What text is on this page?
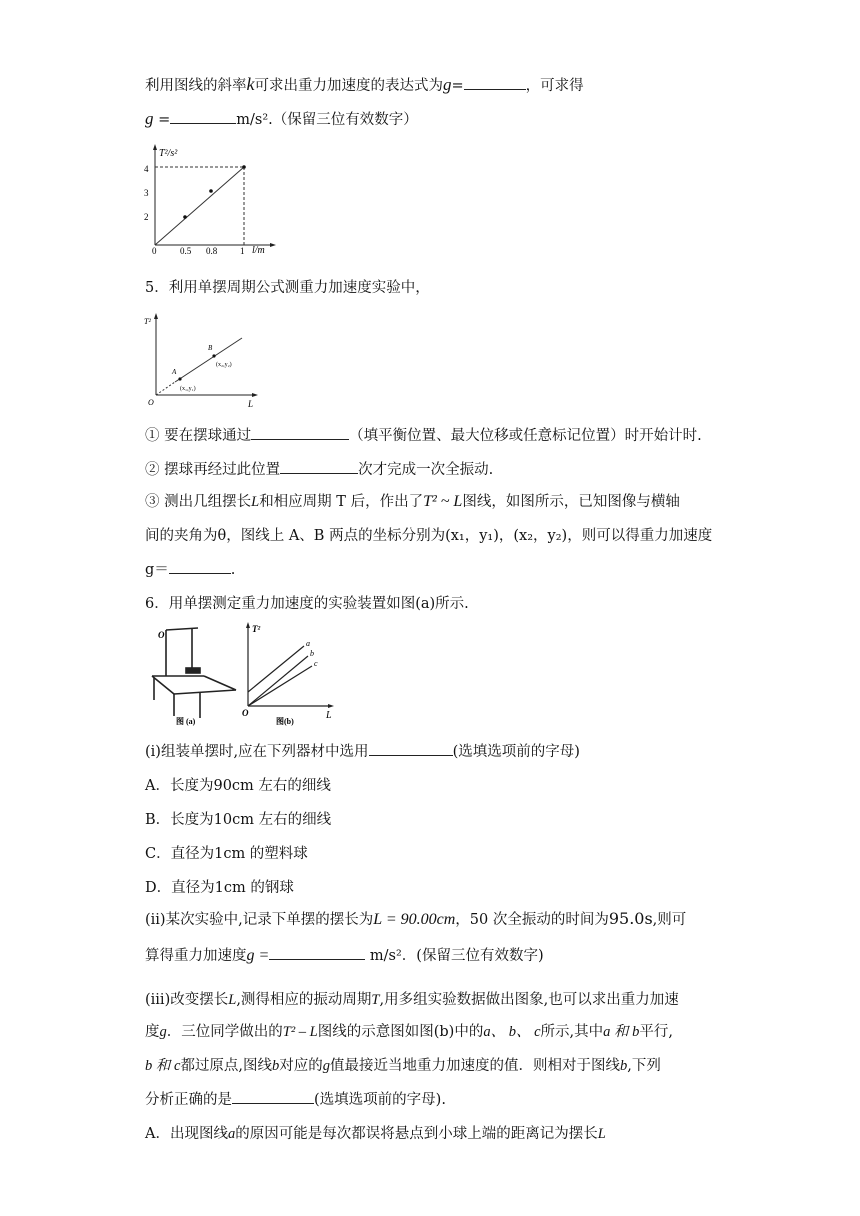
利用图线的斜率k可求出重力加速度的表达式为g=	，可求得
g =	m/s².（保留三位有效数字）
T²/s²
l/m
4
3
2
0	0.5 0.8	1
5．利用单摆周期公式测重力加速度实验中，
T²
L
O
A
B
(x₁,y₁)
(x₂,y₂)
① 要在摆球通过	（填平衡位置、最大位移或任意标记位置）时开始计时.
② 摆球再经过此位置	次才完成一次全振动.
③ 测出几组摆长L和相应周期 T 后，作出了T² ~ L图线，如图所示，已知图像与横轴
间的夹角为θ，图线上 A、B 两点的坐标分别为(x₁，y₁)，(x₂，y₂)，则可以得重力加速度
g＝	.
6．用单摆测定重力加速度的实验装置如图(a)所示.
O
图 (a)
T²
L
O
a
b
c
图(b)
(ⅰ)组装单摆时,应在下列器材中选用	(选填选项前的字母)
A．长度为90cm 左右的细线
B．长度为10cm 左右的细线
C．直径为1cm 的塑料球
D．直径为1cm 的钢球
(ⅱ)某次实验中,记录下单摆的摆长为L = 90.00cm，50 次全振动的时间为95.0s,则可
算得重力加速度g =	m/s²．(保留三位有效数字)
(iii)改变摆长L,测得相应的振动周期T,用多组实验数据做出图象,也可以求出重力加速
度g．三位同学做出的T² – L图线的示意图如图(b)中的a、 b、 c所示,其中a 和 b平行,
b 和 c都过原点,图线b对应的g值最接近当地重力加速度的值．则相对于图线b,下列
分析正确的是	(选填选项前的字母).
A．出现图线a的原因可能是每次都误将悬点到小球上端的距离记为摆长L
